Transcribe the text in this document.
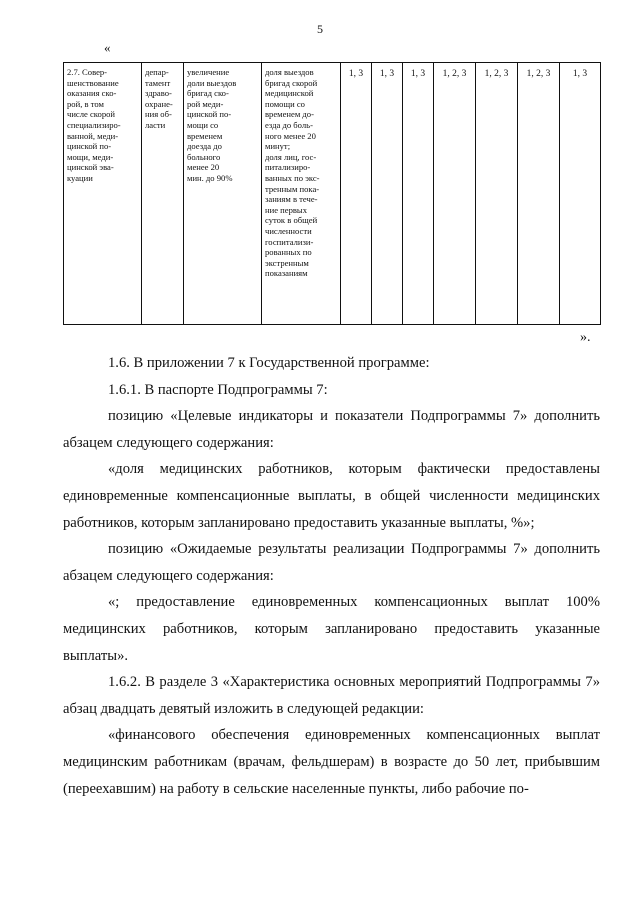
5
«
2.7. Совер-
шенствование
оказания ско-
рой, в том
числе скорой
специализиро-
ванной, меди-
цинской по-
мощи, меди-
цинской эва-
куации	депар-
тамент
здраво-
охране-
ния об-
ласти	увеличение
доли выездов
бригад ско-
рой меди-
цинской по-
мощи со
временем
доезда до
больного
менее 20
мин. до 90%	доля выездов
бригад скорой
медицинской
помощи со
временем до-
езда до боль-
ного менее 20
минут;
доля лиц, гос-
питализиро-
ванных по экс-
тренным пока-
заниям в тече-
ние первых
суток в общей
численности
госпитализи-
рованных по
экстренным
показаниям	1, 3	1, 3	1, 3	1, 2, 3	1, 2, 3	1, 2, 3	1, 3
».

1.6. В приложении 7 к Государственной программе:

1.6.1. В паспорте Подпрограммы 7:

позицию «Целевые индикаторы и показатели Подпрограммы 7» дополнить абзацем следующего содержания:

«доля медицинских работников, которым фактически предоставлены единовременные компенсационные выплаты, в общей численности медицинских работников, которым запланировано предоставить указанные выплаты, %»;

позицию «Ожидаемые результаты реализации Подпрограммы 7» дополнить абзацем следующего содержания:

«; предоставление единовременных компенсационных выплат 100% медицинских работников, которым запланировано предоставить указанные выплаты».

1.6.2. В разделе 3 «Характеристика основных мероприятий Подпрограммы 7» абзац двадцать девятый изложить в следующей редакции:

«финансового обеспечения единовременных компенсационных выплат медицинским работникам (врачам, фельдшерам) в возрасте до 50 лет, прибывшим (переехавшим) на работу в сельские населенные пункты, либо рабочие по-
